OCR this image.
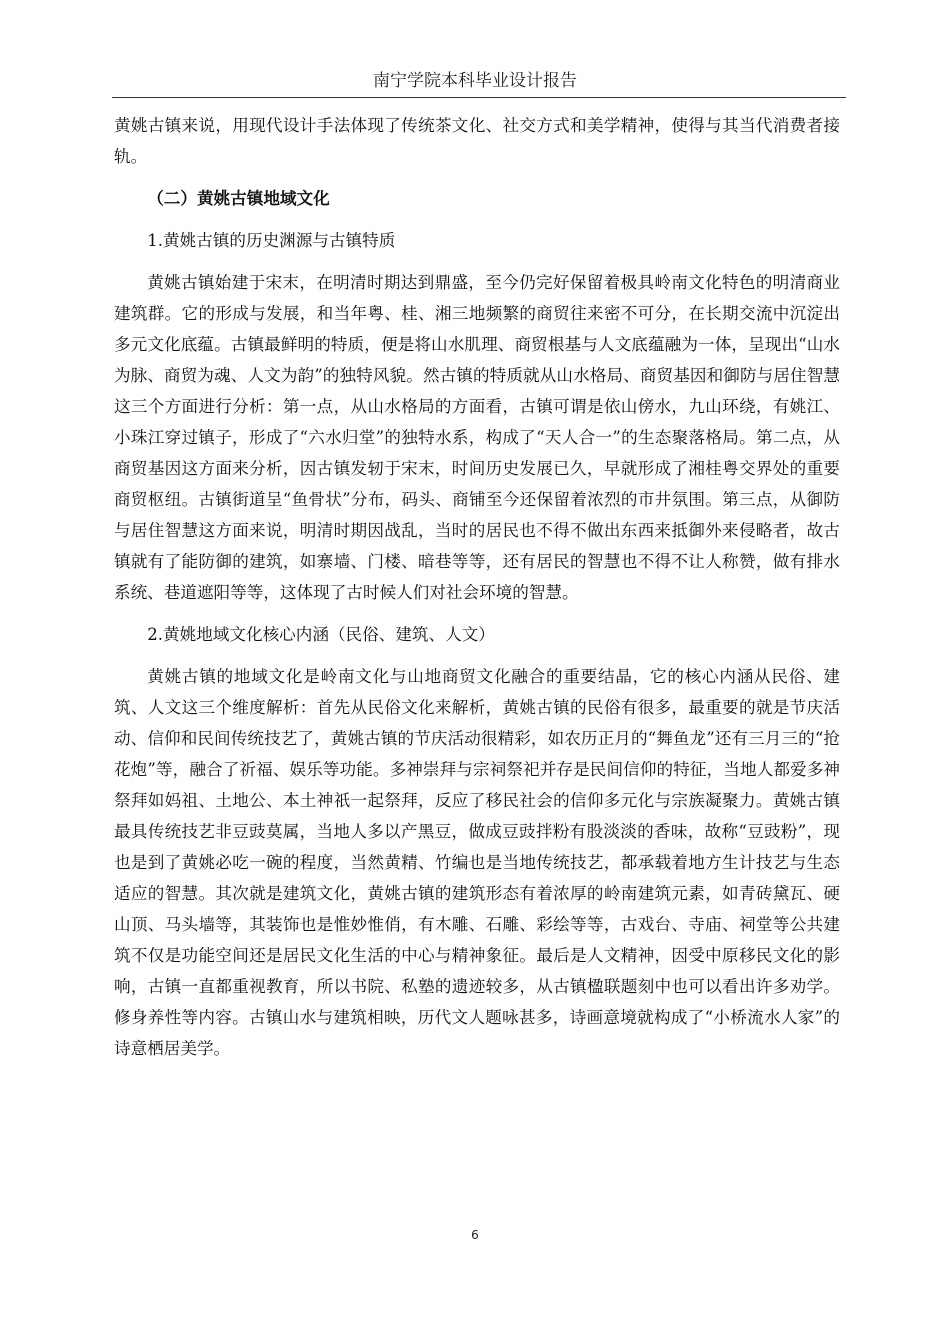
南宁学院本科毕业设计报告

黄姚古镇来说，用现代设计手法体现了传统茶文化、社交方式和美学精神，使得与其当代消费者接轨。

（二）黄姚古镇地域文化

1.黄姚古镇的历史渊源与古镇特质

黄姚古镇始建于宋末，在明清时期达到鼎盛，至今仍完好保留着极具岭南文化特色的明清商业建筑群。它的形成与发展，和当年粤、桂、湘三地频繁的商贸往来密不可分，在长期交流中沉淀出多元文化底蕴。古镇最鲜明的特质，便是将山水肌理、商贸根基与人文底蕴融为一体，呈现出“山水为脉、商贸为魂、人文为韵”的独特风貌。然古镇的特质就从山水格局、商贸基因和御防与居住智慧这三个方面进行分析：第一点，从山水格局的方面看，古镇可谓是依山傍水，九山环绕，有姚江、小珠江穿过镇子，形成了“六水归堂”的独特水系，构成了“天人合一”的生态聚落格局。第二点，从商贸基因这方面来分析，因古镇发轫于宋末，时间历史发展已久，早就形成了湘桂粤交界处的重要商贸枢纽。古镇街道呈“鱼骨状”分布，码头、商铺至今还保留着浓烈的市井氛围。第三点，从御防与居住智慧这方面来说，明清时期因战乱，当时的居民也不得不做出东西来抵御外来侵略者，故古镇就有了能防御的建筑，如寨墙、门楼、暗巷等等，还有居民的智慧也不得不让人称赞，做有排水系统、巷道遮阳等等，这体现了古时候人们对社会环境的智慧。

2.黄姚地域文化核心内涵（民俗、建筑、人文）

黄姚古镇的地域文化是岭南文化与山地商贸文化融合的重要结晶，它的核心内涵从民俗、建筑、人文这三个维度解析：首先从民俗文化来解析，黄姚古镇的民俗有很多，最重要的就是节庆活动、信仰和民间传统技艺了，黄姚古镇的节庆活动很精彩，如农历正月的“舞鱼龙”还有三月三的“抢花炮”等，融合了祈福、娱乐等功能。多神崇拜与宗祠祭祀并存是民间信仰的特征，当地人都爱多神祭拜如妈祖、土地公、本土神祇一起祭拜，反应了移民社会的信仰多元化与宗族凝聚力。黄姚古镇最具传统技艺非豆豉莫属，当地人多以产黑豆，做成豆豉拌粉有股淡淡的香味，故称“豆豉粉”，现也是到了黄姚必吃一碗的程度，当然黄精、竹编也是当地传统技艺，都承载着地方生计技艺与生态适应的智慧。其次就是建筑文化，黄姚古镇的建筑形态有着浓厚的岭南建筑元素，如青砖黛瓦、硬山顶、马头墙等，其装饰也是惟妙惟俏，有木雕、石雕、彩绘等等，古戏台、寺庙、祠堂等公共建筑不仅是功能空间还是居民文化生活的中心与精神象征。最后是人文精神，因受中原移民文化的影响，古镇一直都重视教育，所以书院、私塾的遗迹较多，从古镇楹联题刻中也可以看出许多劝学。修身养性等内容。古镇山水与建筑相映，历代文人题咏甚多，诗画意境就构成了“小桥流水人家”的诗意栖居美学。

6
